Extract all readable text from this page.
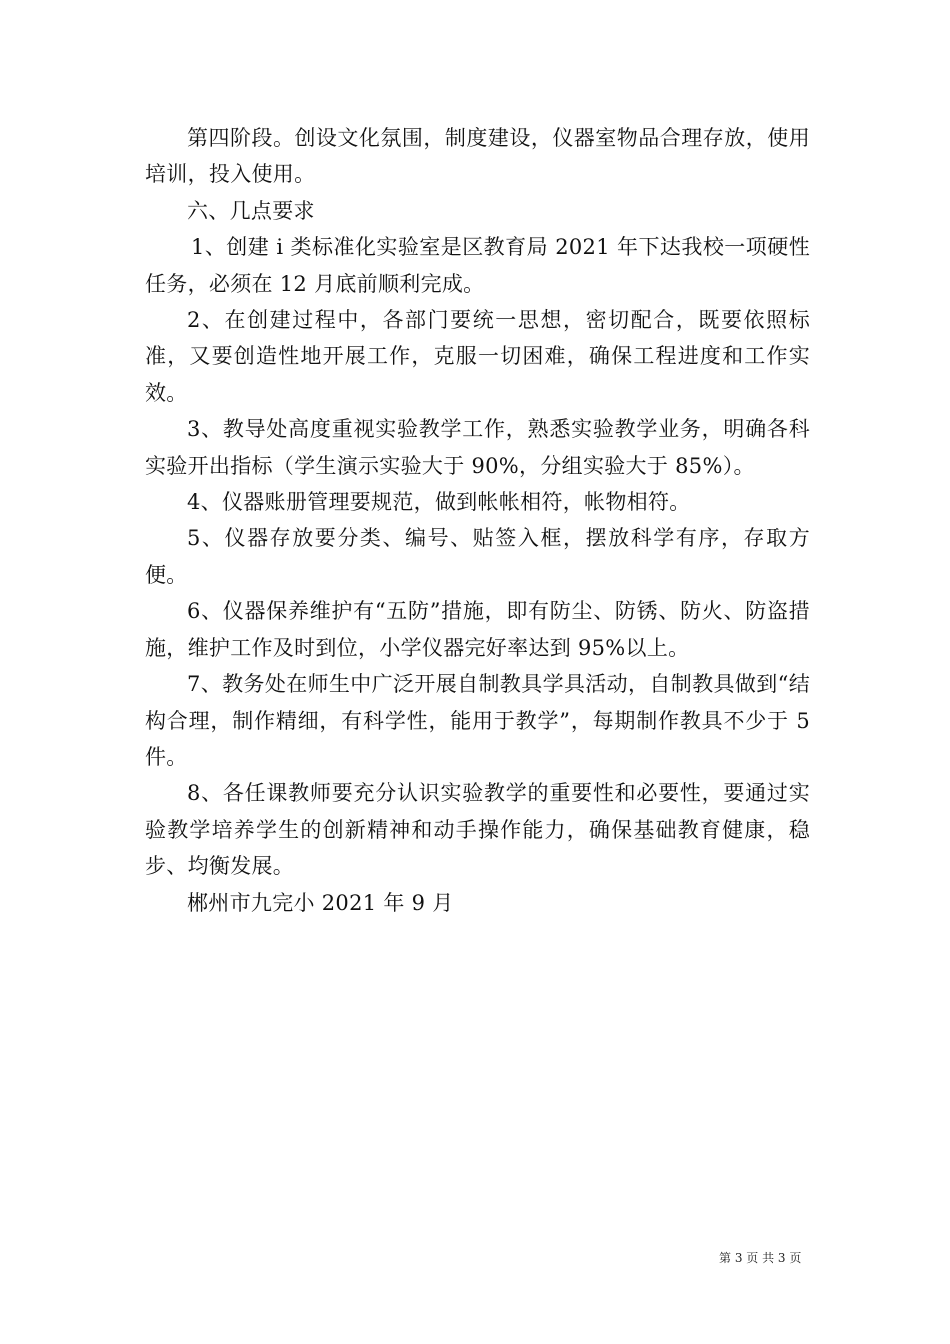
第四阶段。创设文化氛围，制度建设，仪器室物品合理存放，使用培训，投入使用。

六、几点要求

1、创建 i 类标准化实验室是区教育局 2021 年下达我校一项硬性任务，必须在 12 月底前顺利完成。

2、在创建过程中，各部门要统一思想，密切配合，既要依照标准，又要创造性地开展工作，克服一切困难，确保工程进度和工作实效。

3、教导处高度重视实验教学工作，熟悉实验教学业务，明确各科实验开出指标（学生演示实验大于 90%，分组实验大于 85%）。

4、仪器账册管理要规范，做到帐帐相符，帐物相符。

5、仪器存放要分类、编号、贴签入框，摆放科学有序，存取方便。

6、仪器保养维护有“五防”措施，即有防尘、防锈、防火、防盗措施，维护工作及时到位，小学仪器完好率达到 95%以上。

7、教务处在师生中广泛开展自制教具学具活动，自制教具做到“结构合理，制作精细，有科学性，能用于教学”，每期制作教具不少于 5 件。

8、各任课教师要充分认识实验教学的重要性和必要性，要通过实验教学培养学生的创新精神和动手操作能力，确保基础教育健康，稳步、均衡发展。

郴州市九完小 2021 年 9 月

第 3 页 共 3 页
